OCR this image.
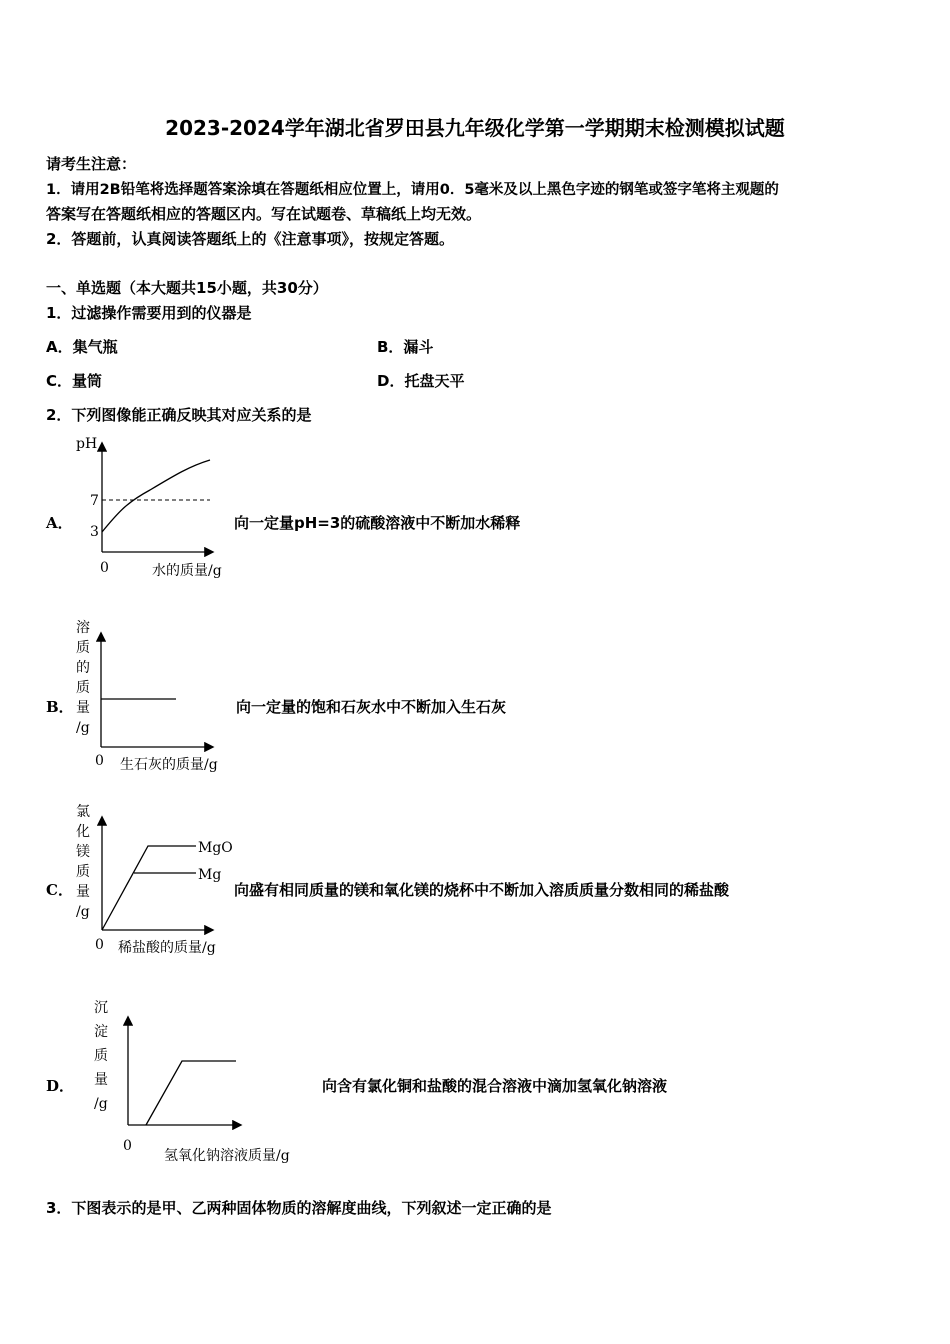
2023-2024学年湖北省罗田县九年级化学第一学期期末检测模拟试题
请考生注意：
1．请用2B铅笔将选择题答案涂填在答题纸相应位置上，请用0．5毫米及以上黑色字迹的钢笔或签字笔将主观题的
答案写在答题纸相应的答题区内。写在试题卷、草稿纸上均无效。
2．答题前，认真阅读答题纸上的《注意事项》，按规定答题。
一、单选题（本大题共15小题，共30分）
1．过滤操作需要用到的仪器是
A．集气瓶	B．漏斗
C．量筒	D．托盘天平
2．下列图像能正确反映其对应关系的是
A．
pH
7
3
0	水的质量/g
向一定量pH=3的硫酸溶液中不断加水稀释
B．
溶
质
的
质
量
/g
0 生石灰的质量/g
向一定量的饱和石灰水中不断加入生石灰
C．
MgO
Mg
氯
化
镁
质
量
/g
0 稀盐酸的质量/g
向盛有相同质量的镁和氧化镁的烧杯中不断加入溶质质量分数相同的稀盐酸
D．
沉
淀
质
量
/g
0
氢氧化钠溶液质量/g
向含有氯化铜和盐酸的混合溶液中滴加氢氧化钠溶液
3．下图表示的是甲、乙两种固体物质的溶解度曲线，下列叙述一定正确的是
